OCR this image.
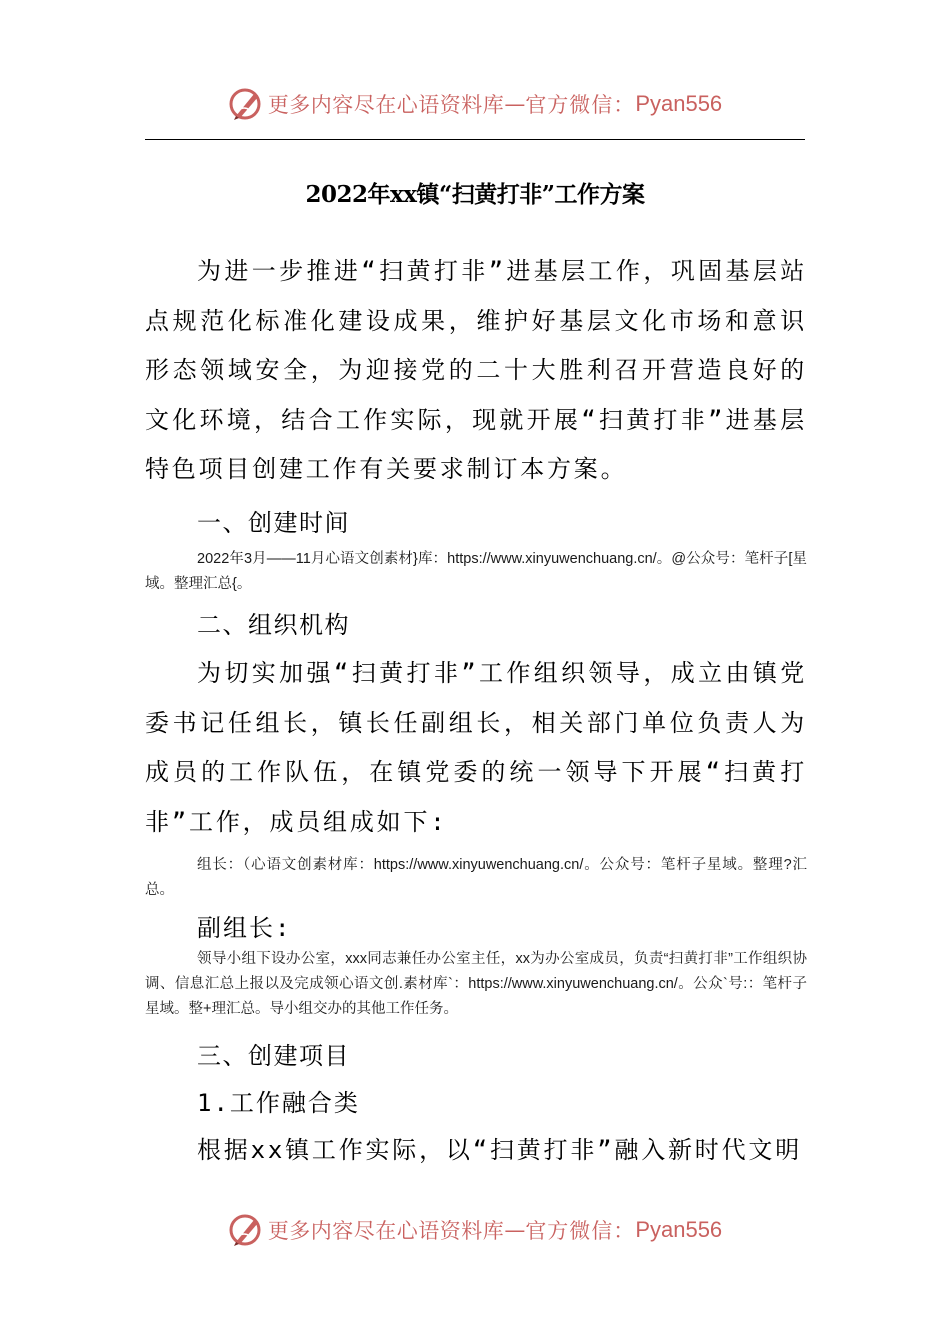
更多内容尽在心语资料库 — 官方微信： Pyan556
2022年xx镇“扫黄打非”工作方案

为进一步推进“扫黄打非”进基层工作，巩固基层站点规范化标准化建设成果，维护好基层文化市场和意识形态领域安全，为迎接党的二十大胜利召开营造良好的文化环境，结合工作实际，现就开展“扫黄打非”进基层特色项目创建工作有关要求制订本方案。

一、创建时间

2022年3月——11月心语文创素材}库：https://www.xinyuwenchuang.cn/。@公众号：笔杆子[星域。整理汇总{。

二、组织机构

为切实加强“扫黄打非”工作组织领导，成立由镇党委书记任组长，镇长任副组长，相关部门单位负责人为成员的工作队伍，在镇党委的统一领导下开展“扫黄打非”工作，成员组成如下:

组长：（心语文创素材库：https://www.xinyuwenchuang.cn/。公众号：笔杆子星域。整理?汇总。

副组长:

领导小组下设办公室，xxx同志兼任办公室主任，xx为办公室成员，负责“扫黄打非”工作组织协调、信息汇总上报以及完成领心语文创.素材库`：https://www.xinyuwenchuang.cn/。公众`号:：笔杆子星域。整+理汇总。导小组交办的其他工作任务。

三、创建项目

1.工作融合类

根据xx镇工作实际，以“扫黄打非”融入新时代文明

更多内容尽在心语资料库 — 官方微信： Pyan556
